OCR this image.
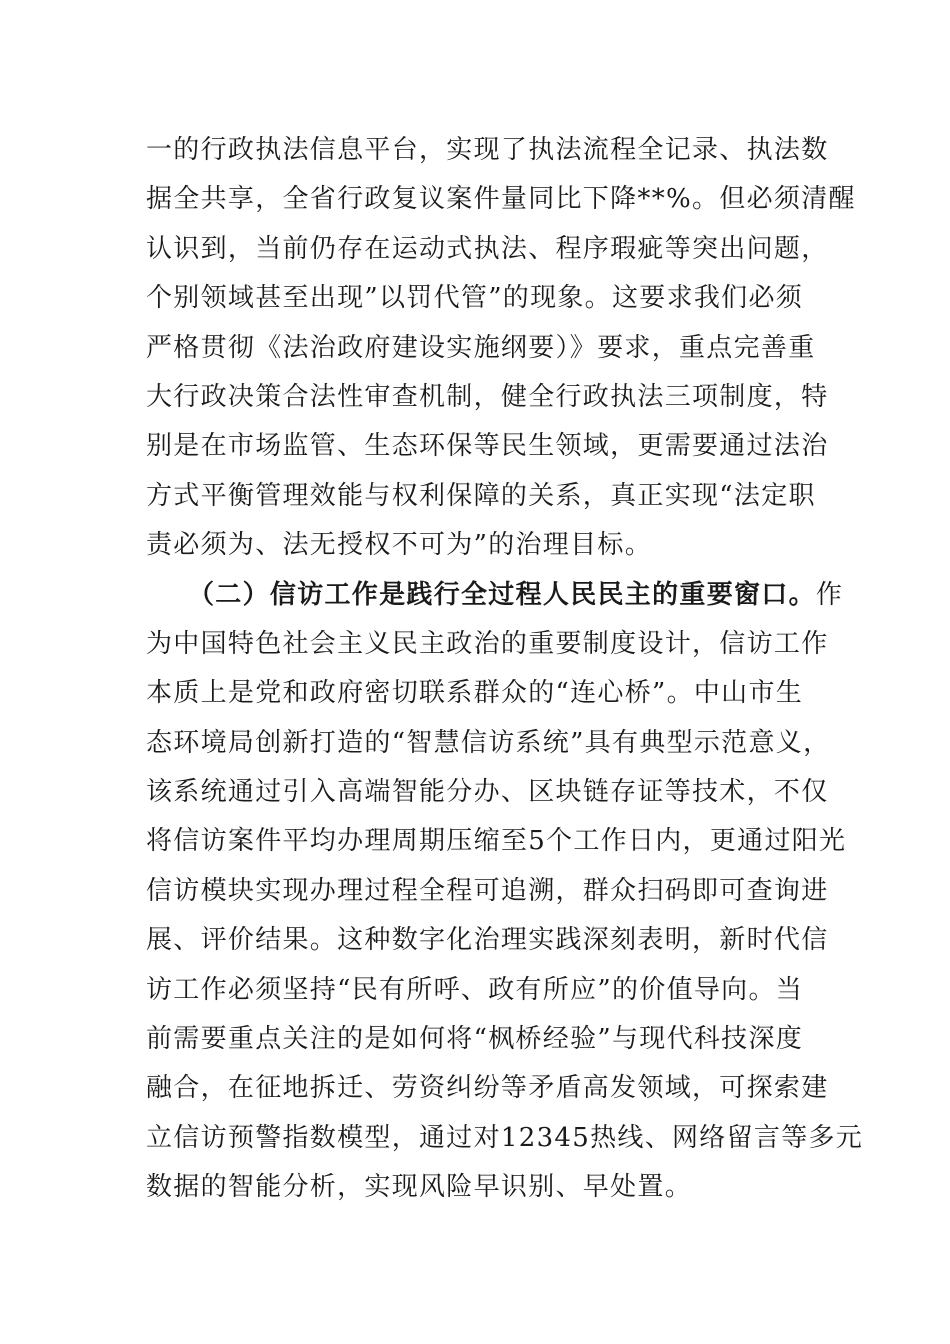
一的行政执法信息平台，实现了执法流程全记录、执法数
据全共享，全省行政复议案件量同比下降**%。但必须清醒
认识到，当前仍存在运动式执法、程序瑕疵等突出问题，
个别领域甚至出现”以罚代管”的现象。这要求我们必须
严格贯彻《法治政府建设实施纲要）》要求，重点完善重
大行政决策合法性审查机制，健全行政执法三项制度，特
别是在市场监管、生态环保等民生领域，更需要通过法治
方式平衡管理效能与权利保障的关系，真正实现“法定职
责必须为、法无授权不可为”的治理目标。
（二）信访工作是践行全过程人民民主的重要窗口。作
为中国特色社会主义民主政治的重要制度设计，信访工作
本质上是党和政府密切联系群众的“连心桥”。中山市生
态环境局创新打造的“智慧信访系统”具有典型示范意义，
该系统通过引入高端智能分办、区块链存证等技术，不仅
将信访案件平均办理周期压缩至5个工作日内，更通过阳光
信访模块实现办理过程全程可追溯，群众扫码即可查询进
展、评价结果。这种数字化治理实践深刻表明，新时代信
访工作必须坚持“民有所呼、政有所应”的价值导向。当
前需要重点关注的是如何将“枫桥经验”与现代科技深度
融合，在征地拆迁、劳资纠纷等矛盾高发领域，可探索建
立信访预警指数模型，通过对12345热线、网络留言等多元
数据的智能分析，实现风险早识别、早处置。
